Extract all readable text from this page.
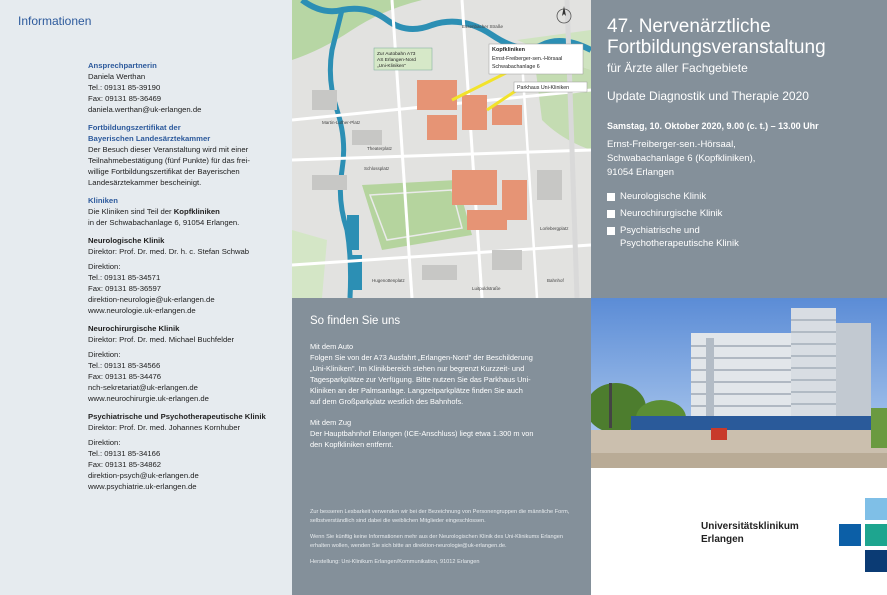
Informationen
Ansprechpartnerin
Daniela Werthan
Tel.: 09131 85-39190
Fax: 09131 85-36469
daniela.werthan@uk-erlangen.de
Fortbildungszertifikat der
Bayerischen Landesärztekammer
Der Besuch dieser Veranstaltung wird mit einer
Teilnahmebestätigung (fünf Punkte) für das frei-
willige Fortbildungszertifikat der Bayerischen
Landesärztekammer bescheinigt.
Kliniken
Die Kliniken sind Teil der Kopfkliniken
in der Schwabachanlage 6, 91054 Erlangen.
Neurologische Klinik
Direktor: Prof. Dr. med. Dr. h. c. Stefan Schwab
Direktion:
Tel.: 09131 85-34571
Fax: 09131 85-36597
direktion-neurologie@uk-erlangen.de
www.neurologie.uk-erlangen.de
Neurochirurgische Klinik
Direktor: Prof. Dr. med. Michael Buchfelder
Direktion:
Tel.: 09131 85-34566
Fax: 09131 85-34476
nch-sekretariat@uk-erlangen.de
www.neurochirurgie.uk-erlangen.de
Psychiatrische und Psychotherapeutische Klinik
Direktor: Prof. Dr. med. Johannes Kornhuber
Direktion:
Tel.: 09131 85-34166
Fax: 09131 85-34862
direktion-psych@uk-erlangen.de
www.psychiatrie.uk-erlangen.de
Kopfkliniken
Ernst-Freiberger-sen.-Hörsaal
Schwabachanlage 6
Parkhaus Uni-Kliniken
Zur Autobahn A73
AS Erlangen-Nord
„Uni-Kliniken"
Essenbacher Straße
Martin-Luther-Platz
Schlossplatz
Lorlebergplatz
Bahnhof
Luitpoldstraße
Hugenottenplatz
Theaterplatz
So finden Sie uns
Mit dem Auto
Folgen Sie von der A73 Ausfahrt „Erlangen-Nord" der Beschilderung
„Uni-Kliniken". Im Klinikbereich stehen nur begrenzt Kurzzeit- und
Tagesparkplätze zur Verfügung. Bitte nutzen Sie das Parkhaus Uni-
Kliniken an der Palmsanlage. Langzeitparkplätze finden Sie auch
auf dem Großparkplatz westlich des Bahnhofs.
Mit dem Zug
Der Hauptbahnhof Erlangen (ICE-Anschluss) liegt etwa 1.300 m von
den Kopfkliniken entfernt.

Zur besseren Lesbarkeit verwenden wir bei der Bezeichnung von Personengruppen die männliche Form, selbstverständlich sind dabei die weiblichen Mitglieder eingeschlossen.

Wenn Sie künftig keine Informationen mehr aus der Neurologischen Klinik des Uni-Klinikums Erlangen erhalten wollen, wenden Sie sich bitte an direktion-neurologie@uk-erlangen.de.

Herstellung: Uni-Klinikum Erlangen/Kommunikation, 91012 Erlangen

47. Nervenärztliche
Fortbildungsveranstaltung
für Ärzte aller Fachgebiete
Update Diagnostik und Therapie 2020
Samstag, 10. Oktober 2020, 9.00 (c. t.) – 13.00 Uhr
Ernst-Freiberger-sen.-Hörsaal,
Schwabachanlage 6 (Kopfkliniken),
91054 Erlangen
Neurologische Klinik
Neurochirurgische Klinik
Psychiatrische und
Psychotherapeutische Klinik
Universitätsklinikum
Erlangen
